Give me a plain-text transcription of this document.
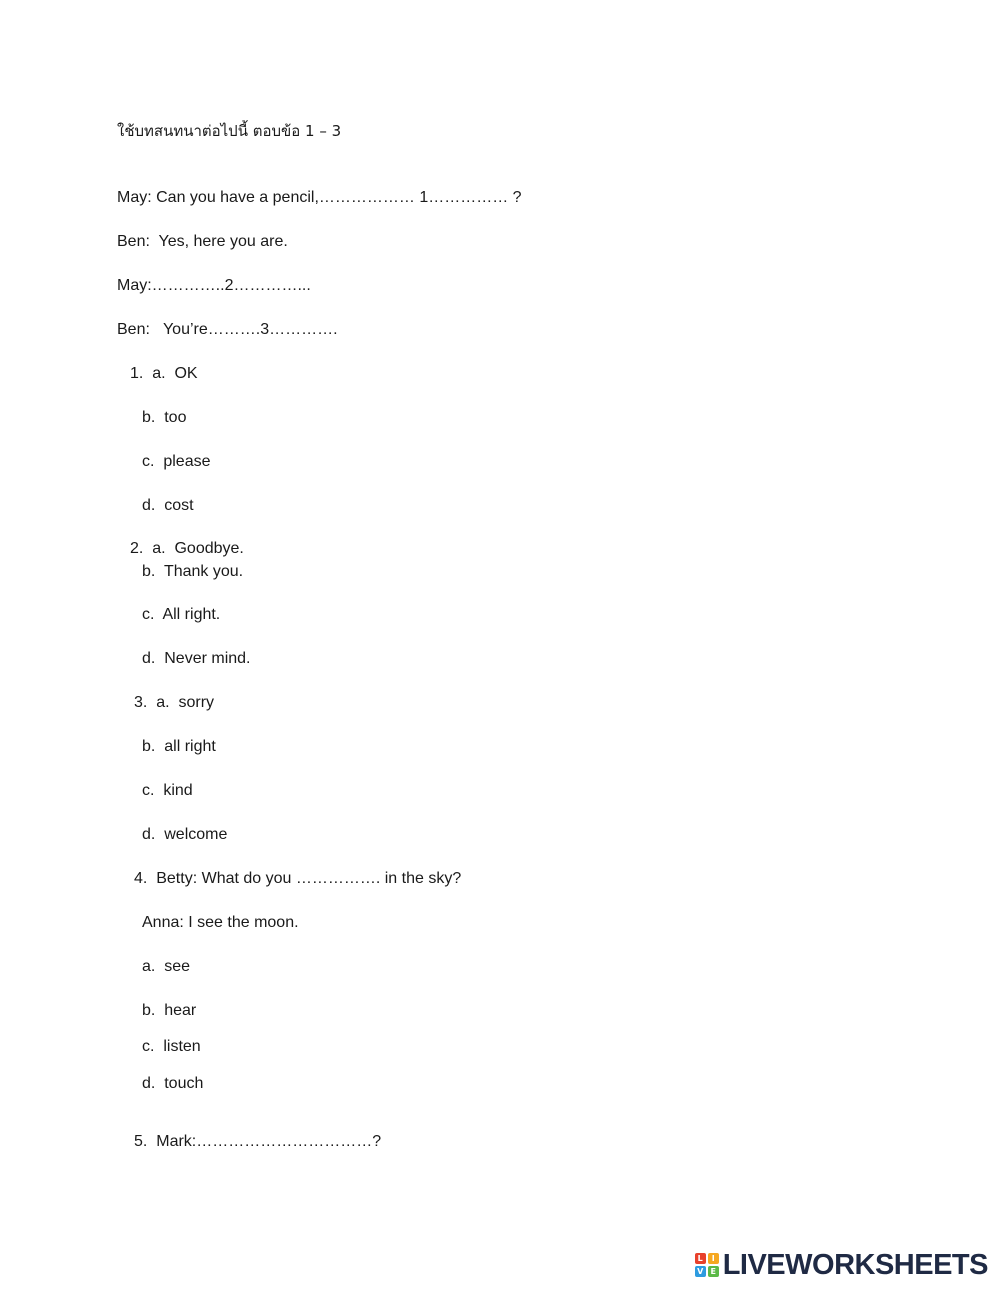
ใช้บทสนทนาต่อไปนี้ ตอบข้อ 1 – 3
May: Can you have a pencil,……………… 1…………… ?
Ben:  Yes, here you are.
May:…………..2…………...
Ben:   You’re……….3………….
1.  a.  OK
b.  too
c.  please
d.  cost
2.  a.  Goodbye.
b.  Thank you.
c.  All right.
d.  Never mind.
3.  a.  sorry
b.  all right
c.  kind
d.  welcome
4.  Betty: What do you ……………. in the sky?
Anna: I see the moon.
a.  see
b.  hear
c.  listen
d.  touch
5.  Mark:……………………………?
L	I
V E LIVEWORKSHEETS
